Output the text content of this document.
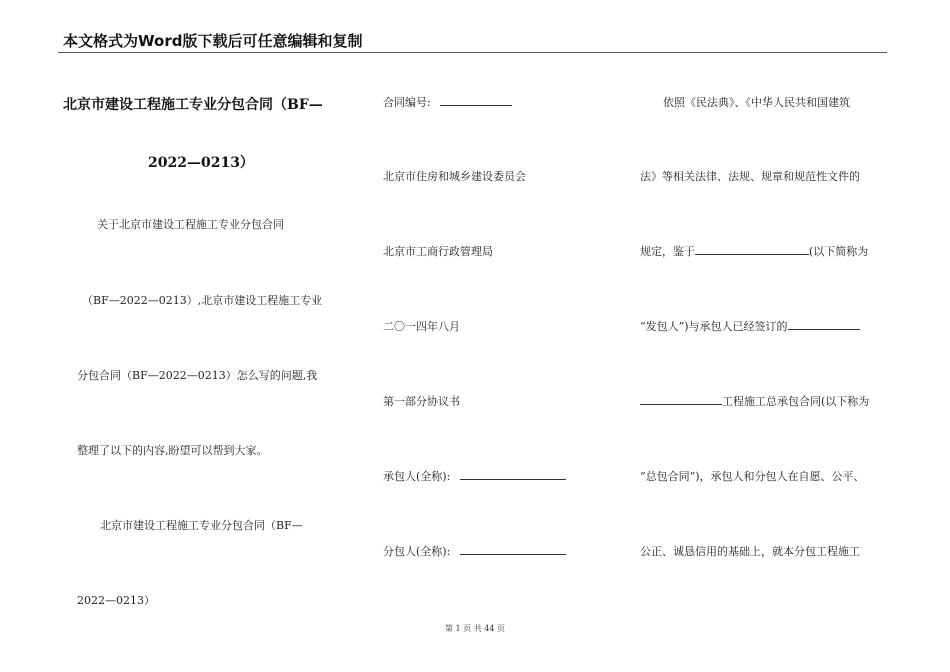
本文格式为Word版下载后可任意编辑和复制
北京市建设工程施工专业分包合同（BF—
2022—0213）
关于北京市建设工程施工专业分包合同
（BF—2022—0213）,北京市建设工程施工专业
分包合同（BF—2022—0213）怎么写的问题,我
整理了以下的内容,盼望可以帮到大家。
北京市建设工程施工专业分包合同（BF—
2022—0213）
合同编号:
北京市住房和城乡建设委员会
北京市工商行政管理局
二〇一四年八月
第一部分协议书
承包人(全称):
分包人(全称):
依照《民法典》、《中华人民共和国建筑
法》等相关法律、法规、规章和规范性文件的
规定，鉴于	(以下简称为
“发包人”)与承包人已经签订的
工程施工总承包合同(以下称为
“总包合同”)，承包人和分包人在自愿、公平、
公正、诚恳信用的基础上，就本分包工程施工
第 1 页 共 44 页
